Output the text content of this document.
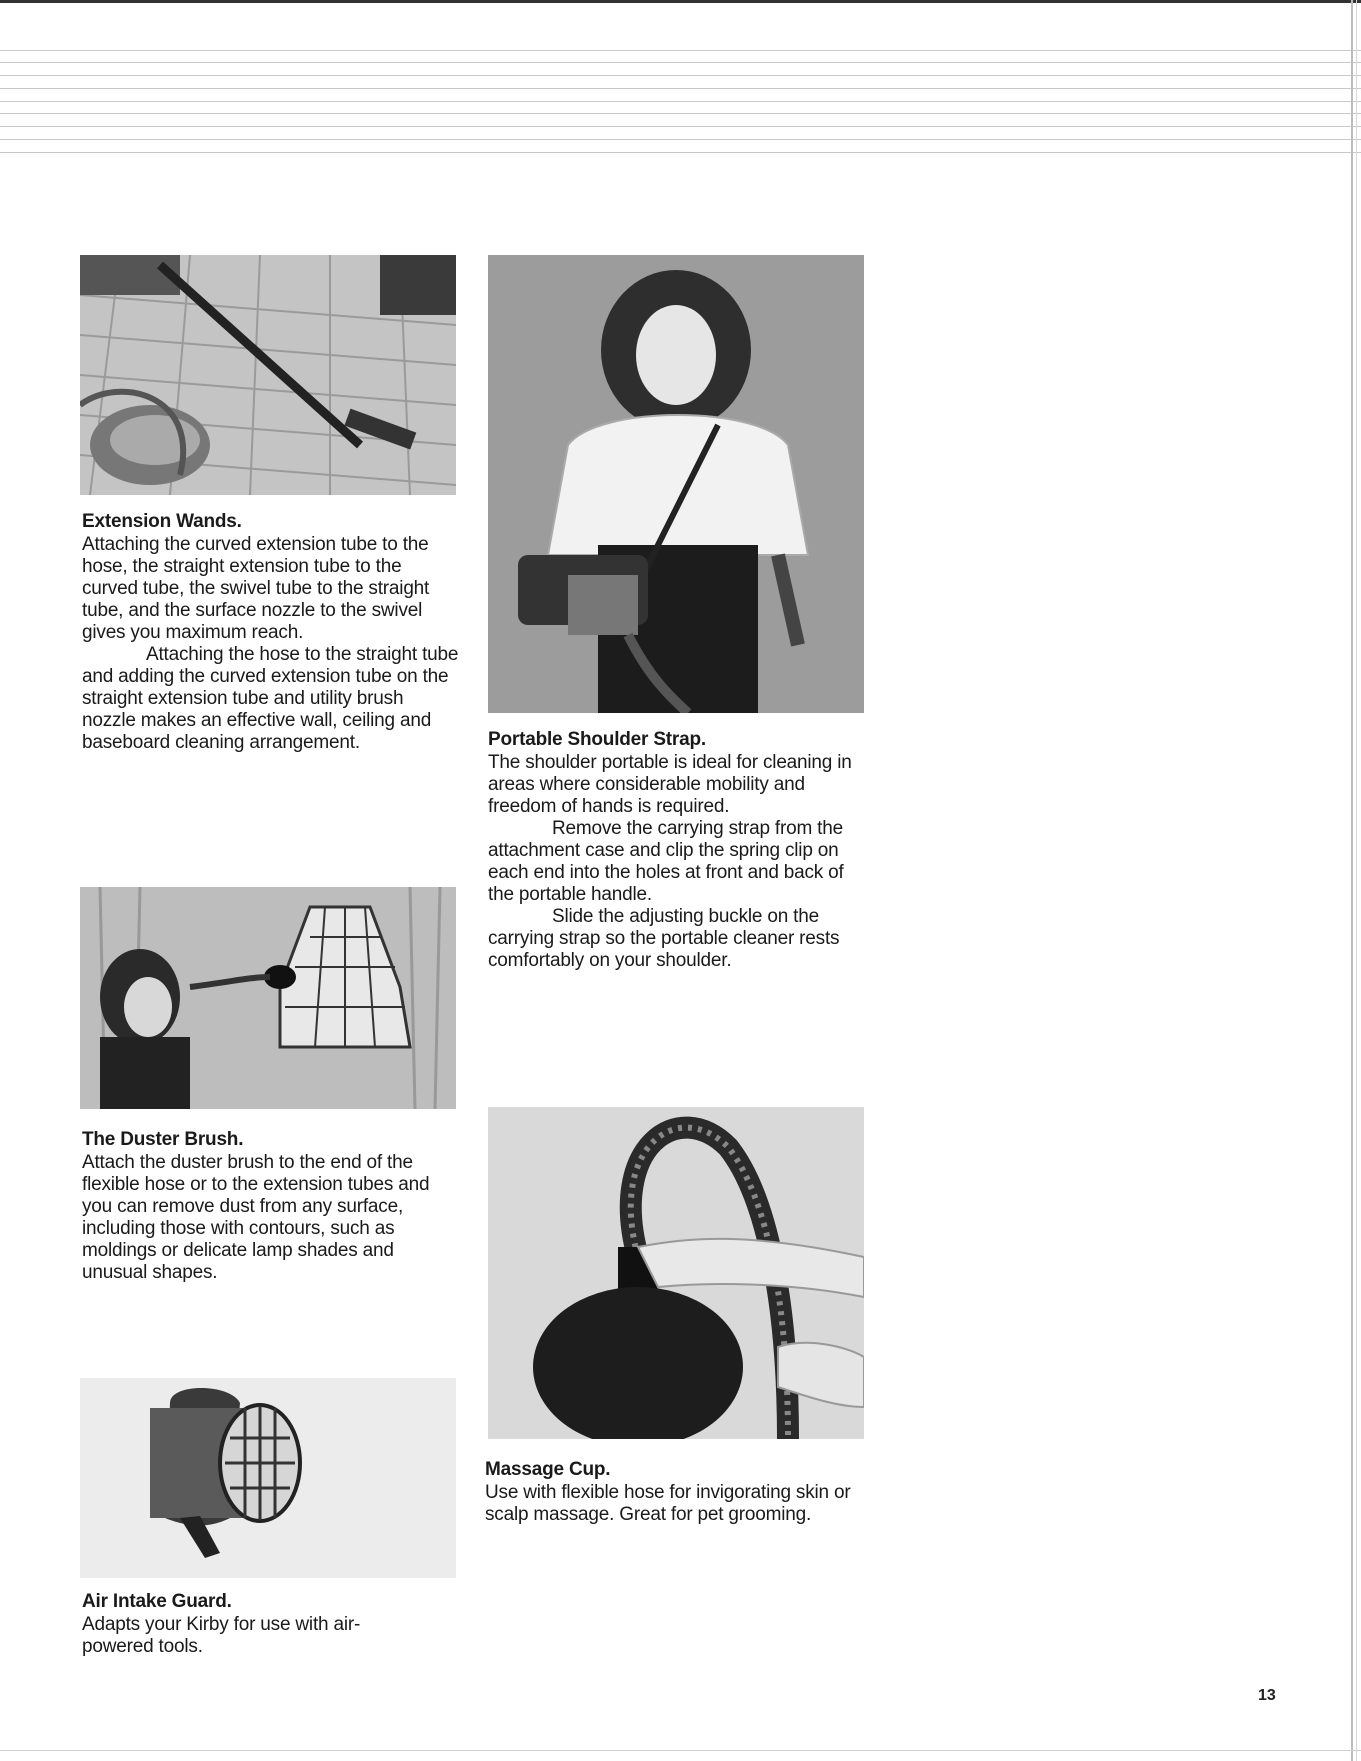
Extension Wands.

Attaching the curved extension tube to the hose, the straight extension tube to the curved tube, the swivel tube to the straight tube, and the surface nozzle to the swivel gives you maximum reach.

Attaching the hose to the straight tube and adding the curved extension tube on the straight extension tube and utility brush nozzle makes an effective wall, ceiling and baseboard cleaning arrangement.

The Duster Brush.

Attach the duster brush to the end of the flexible hose or to the extension tubes and you can remove dust from any surface, including those with contours, such as moldings or delicate lamp shades and unusual shapes.

Air Intake Guard.

Adapts your Kirby for use with air-powered tools.

Portable Shoulder Strap.

The shoulder portable is ideal for cleaning in areas where considerable mobility and freedom of hands is required.

Remove the carrying strap from the attachment case and clip the spring clip on each end into the holes at front and back of the portable handle.

Slide the adjusting buckle on the carrying strap so the portable cleaner rests comfortably on your shoulder.

Massage Cup.

Use with flexible hose for invigorating skin or scalp massage. Great for pet grooming.

13
